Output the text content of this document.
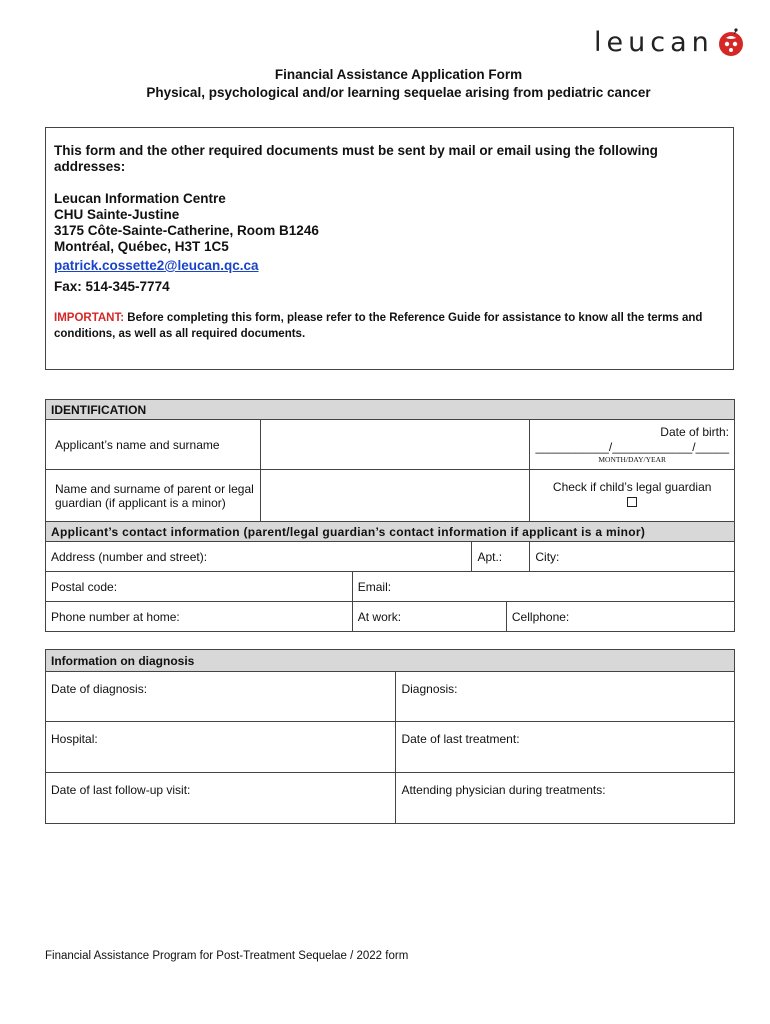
leucan
Financial Assistance Application Form
Physical, psychological and/or learning sequelae arising from pediatric cancer

This form and the other required documents must be sent by mail or email using the following addresses:

Leucan Information Centre

CHU Sainte-Justine

3175 Côte-Sainte-Catherine, Room B1246

Montréal, Québec, H3T 1C5

patrick.cossette2@leucan.qc.ca

Fax: 514-345-7774

IMPORTANT: Before completing this form, please refer to the Reference Guide for assistance to know all the terms and conditions, as well as all required documents.

IDENTIFICATION					
Applicant’s name and surname					Date of birth:
___________/____________/_____
MONTH/DAY/YEAR

Name and surname of parent or legal guardian (if applicant is a minor)					Check if child’s legal guardian

Applicant’s contact information (parent/legal guardian’s contact information if applicant is a minor)					
Address (number and street):			Apt.:		City:
Postal code:		Email:			
Phone number at home:		At work:		Cellphone:	
Information on diagnosis	
Date of diagnosis:	Diagnosis:
Hospital:	Date of last treatment:
Date of last follow-up visit:	Attending physician during treatments:
Financial Assistance Program for Post-Treatment Sequelae / 2022 form
